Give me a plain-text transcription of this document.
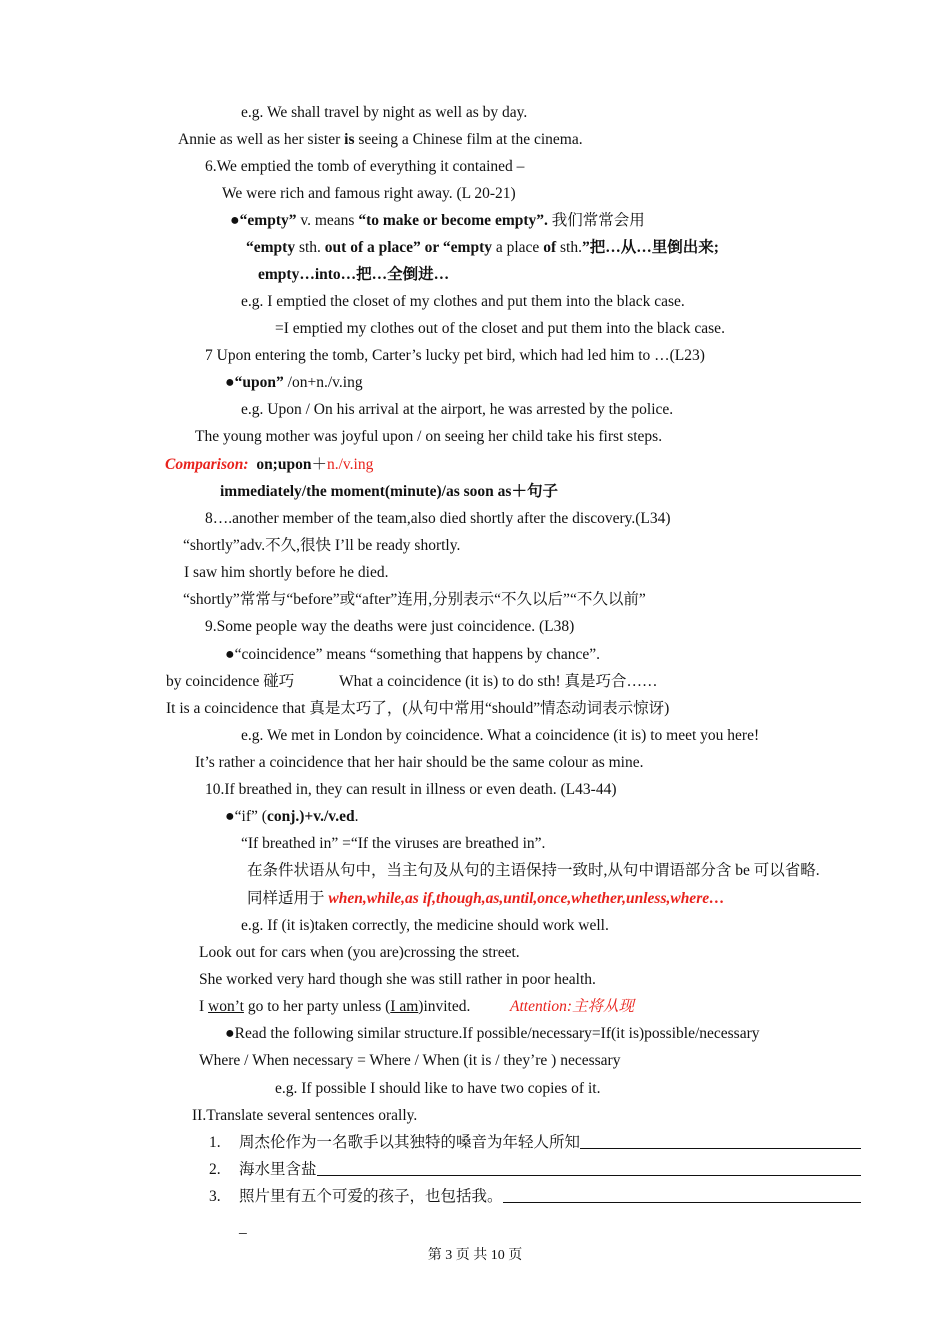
e.g. We shall travel by night as well as by day.
Annie as well as her sister is seeing a Chinese film at the cinema.
6.We emptied the tomb of everything it contained –
We were rich and famous right away. (L 20-21)
●“empty” v. means “to make or become empty”. 我们常常会用
“empty sth. out of a place” or “empty a place of sth.”把…从…里倒出来;
empty…into…把…全倒进…
e.g. I emptied the closet of my clothes and put them into the black case.
=I emptied my clothes out of the closet and put them into the black case.
7 Upon entering the tomb, Carter’s lucky pet bird, which had led him to …(L23)
●“upon” /on+n./v.ing
e.g. Upon / On his arrival at the airport, he was arrested by the police.
The young mother was joyful upon / on seeing her child take his first steps.
Comparison: on;upon＋n./v.ing
immediately/the moment(minute)/as soon as＋句子
8….another member of the team,also died shortly after the discovery.(L34)
“shortly”adv.不久,很快 I’ll be ready shortly.
I saw him shortly before he died.
“shortly”常常与“before”或“after”连用,分别表示“不久以后”“不久以前”
9.Some people way the deaths were just coincidence. (L38)
●“coincidence” means “something that happens by chance”.
by coincidence 碰巧	What a coincidence (it is) to do sth! 真是巧合……
It is a coincidence that 真是太巧了，(从句中常用“should”情态动词表示惊讶)
e.g. We met in London by coincidence. What a coincidence (it is) to meet you here!
It’s rather a coincidence that her hair should be the same colour as mine.
10.If breathed in, they can result in illness or even death. (L43-44)
●“if” (conj.)+v./v.ed.
“If breathed in” =“If the viruses are breathed in”.
在条件状语从句中，当主句及从句的主语保持一致时,从句中谓语部分含 be 可以省略.
同样适用于 when,while,as if,though,as,until,once,whether,unless,where…
e.g. If (it is)taken correctly, the medicine should work well.
Look out for cars when (you are)crossing the street.
She worked very hard though she was still rather in poor health.
I won’t go to her party unless (I am)invited.	Attention:主将从现
●Read the following similar structure.If possible/necessary=If(it is)possible/necessary
Where / When necessary = Where / When (it is / they’re ) necessary
e.g. If possible I should like to have two copies of it.
II.Translate several sentences orally.
1.	周杰伦作为一名歌手以其独特的嗓音为年轻人所知
2.	海水里含盐
3.	照片里有五个可爱的孩子，也包括我。
_
第 3 页 共 10 页
